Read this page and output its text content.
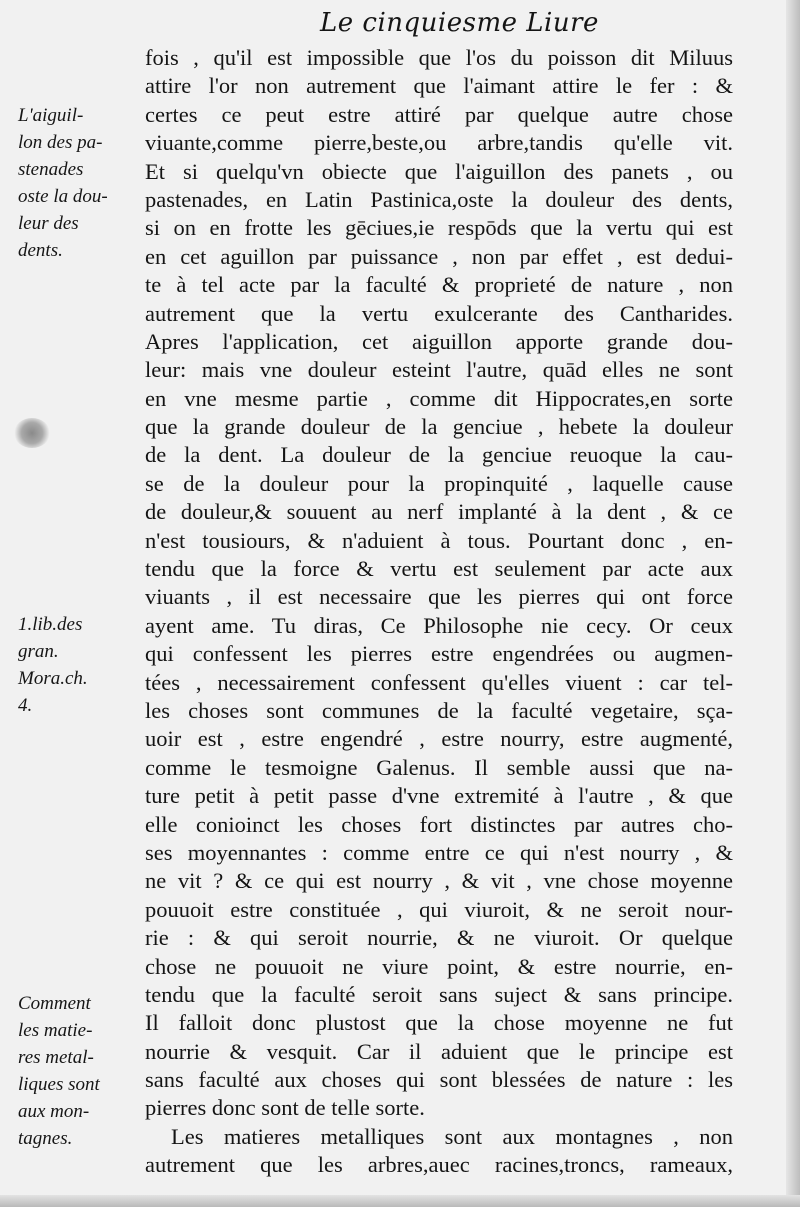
Le cinquiesme Liure
fois , qu'il est impossible que l'os du poisson dit Miluus
attire l'or non autrement que l'aimant attire le fer : &
certes ce peut estre attiré par quelque autre chose
viuante,comme pierre,beste,ou arbre,tandis qu'elle vit.
Et si quelqu'vn obiecte que l'aiguillon des panets , ou
pastenades, en Latin Pastinica,oste la douleur des dents,
si on en frotte les gēciues,ie respōds que la vertu qui est
en cet aguillon par puissance , non par effet , est dedui-
te à tel acte par la faculté & proprieté de nature , non
autrement que la vertu exulcerante des Cantharides.
Apres l'application, cet aiguillon apporte grande dou-
leur: mais vne douleur esteint l'autre, quād elles ne sont
en vne mesme partie , comme dit Hippocrates,en sorte
que la grande douleur de la genciue , hebete la douleur
de la dent. La douleur de la genciue reuoque la cau-
se de la douleur pour la propinquité , laquelle cause
de douleur,& souuent au nerf implanté à la dent , & ce
n'est tousiours, & n'aduient à tous. Pourtant donc , en-
tendu que la force & vertu est seulement par acte aux
viuants , il est necessaire que les pierres qui ont force
ayent ame. Tu diras, Ce Philosophe nie cecy. Or ceux
qui confessent les pierres estre engendrées ou augmen-
tées , necessairement confessent qu'elles viuent : car tel-
les choses sont communes de la faculté vegetaire, sça-
uoir est , estre engendré , estre nourry, estre augmenté,
comme le tesmoigne Galenus. Il semble aussi que na-
ture petit à petit passe d'vne extremité à l'autre , & que
elle conioinct les choses fort distinctes par autres cho-
ses moyennantes : comme entre ce qui n'est nourry , &
ne vit ? & ce qui est nourry , & vit , vne chose moyenne
pouuoit estre constituée , qui viuroit, & ne seroit nour-
rie : & qui seroit nourrie, & ne viuroit. Or quelque
chose ne pouuoit ne viure point, & estre nourrie, en-
tendu que la faculté seroit sans suject & sans principe.
Il falloit donc plustost que la chose moyenne ne fut
nourrie & vesquit. Car il aduient que le principe est
sans faculté aux choses qui sont blessées de nature : les
pierres donc sont de telle sorte.
Les matieres metalliques sont aux montagnes , non
autrement que les arbres,auec racines,troncs, rameaux,
L'aiguil-
lon des pa-
stenades
oste la dou-
leur des
dents.
1.lib.des
gran.
Mora.ch.
4.
Comment
les matie-
res metal-
liques sont
aux mon-
tagnes.
